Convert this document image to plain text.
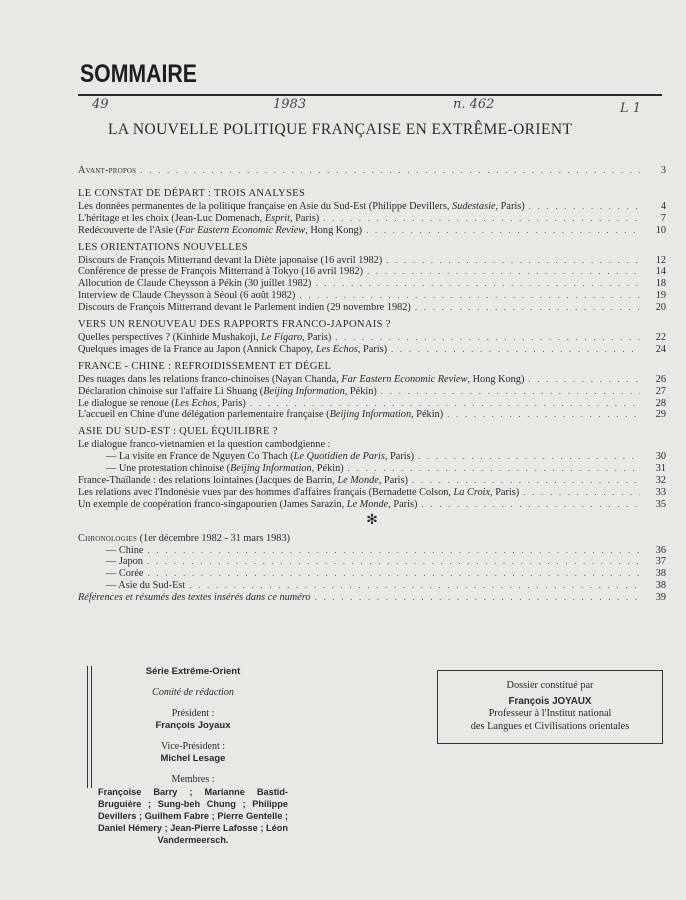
SOMMAIRE
49	1983	n. 462	L 1
LA NOUVELLE POLITIQUE FRANÇAISE EN EXTRÊME-ORIENT
Avant-propos . . .	3
LE CONSTAT DE DÉPART : TROIS ANALYSES
Les données permanentes de la politique française en Asie du Sud-Est (Philippe Devillers, Sudestasie, Paris) . . .	4
L'héritage et les choix (Jean-Luc Domenach, Esprit, Paris) . . .	7
Redécouverte de l'Asie (Far Eastern Economic Review, Hong Kong) . . .	10
LES ORIENTATIONS NOUVELLES
Discours de François Mitterrand devant la Diète japonaise (16 avril 1982) . . .	12
Conférence de presse de François Mitterrand à Tokyo (16 avril 1982) . . .	14
Allocution de Claude Cheysson à Pékin (30 juillet 1982) . . .	18
Interview de Claude Cheysson à Séoul (6 août 1982) . . .	19
Discours de François Mitterrand devant le Parlement indien (29 novembre 1982) . . .	20
VERS UN RENOUVEAU DES RAPPORTS FRANCO-JAPONAIS ?
Quelles perspectives ? (Kinhide Mushakoji, Le Figaro, Paris) . . .	22
Quelques images de la France au Japon (Annick Chapoy, Les Echos, Paris) . . .	24
FRANCE - CHINE : REFROIDISSEMENT ET DÉGEL
Des nuages dans les relations franco-chinoises (Nayan Chanda, Far Eastern Economic Review, Hong Kong) . . .	26
Déclaration chinoise sur l'affaire Li Shuang (Beijing Information, Pékin) . . .	27
Le dialogue se renoue (Les Echos, Paris) . . .	28
L'accueil en Chine d'une délégation parlementaire française (Beijing Information, Pékin) . . .	29
ASIE DU SUD-EST : QUEL ÉQUILIBRE ?
Le dialogue franco-vietnamien et la question cambodgienne :
— La visite en France de Nguyen Co Thach (Le Quotidien de Paris, Paris) . . .	30
— Une protestation chinoise (Beijing Information, Pékin) . . .	31
France-Thaïlande : des relations lointaines (Jacques de Barrin, Le Monde, Paris) . . .	32
Les relations avec l'Indonésie vues par des hommes d'affaires français (Bernadette Colson, La Croix, Paris) . . .	33
Un exemple de coopération franco-singapourien (James Sarazin, Le Monde, Paris) . . .	35
✻
Chronologies (1er décembre 1982 - 31 mars 1983)
— Chine . . .	36
— Japon . . .	37
— Corée . . .	38
— Asie du Sud-Est . . .	38
Références et résumés des textes insérés dans ce numéro . . .	39
Série Extrême-Orient
Comité de rédaction
Président :
François Joyaux
Vice-Président :
Michel Lesage
Membres :
Françoise Barry ; Marianne Bastid-Bruguière ; Sung-beh Chung ; Philippe Devillers ; Guilhem Fabre ; Pierre Gentelle ; Daniel Hémery ; Jean-Pierre Lafosse ; Léon Vandermeersch.
Dossier constitué par
François JOYAUX
Professeur à l'Institut national
des Langues et Civilisations orientales
